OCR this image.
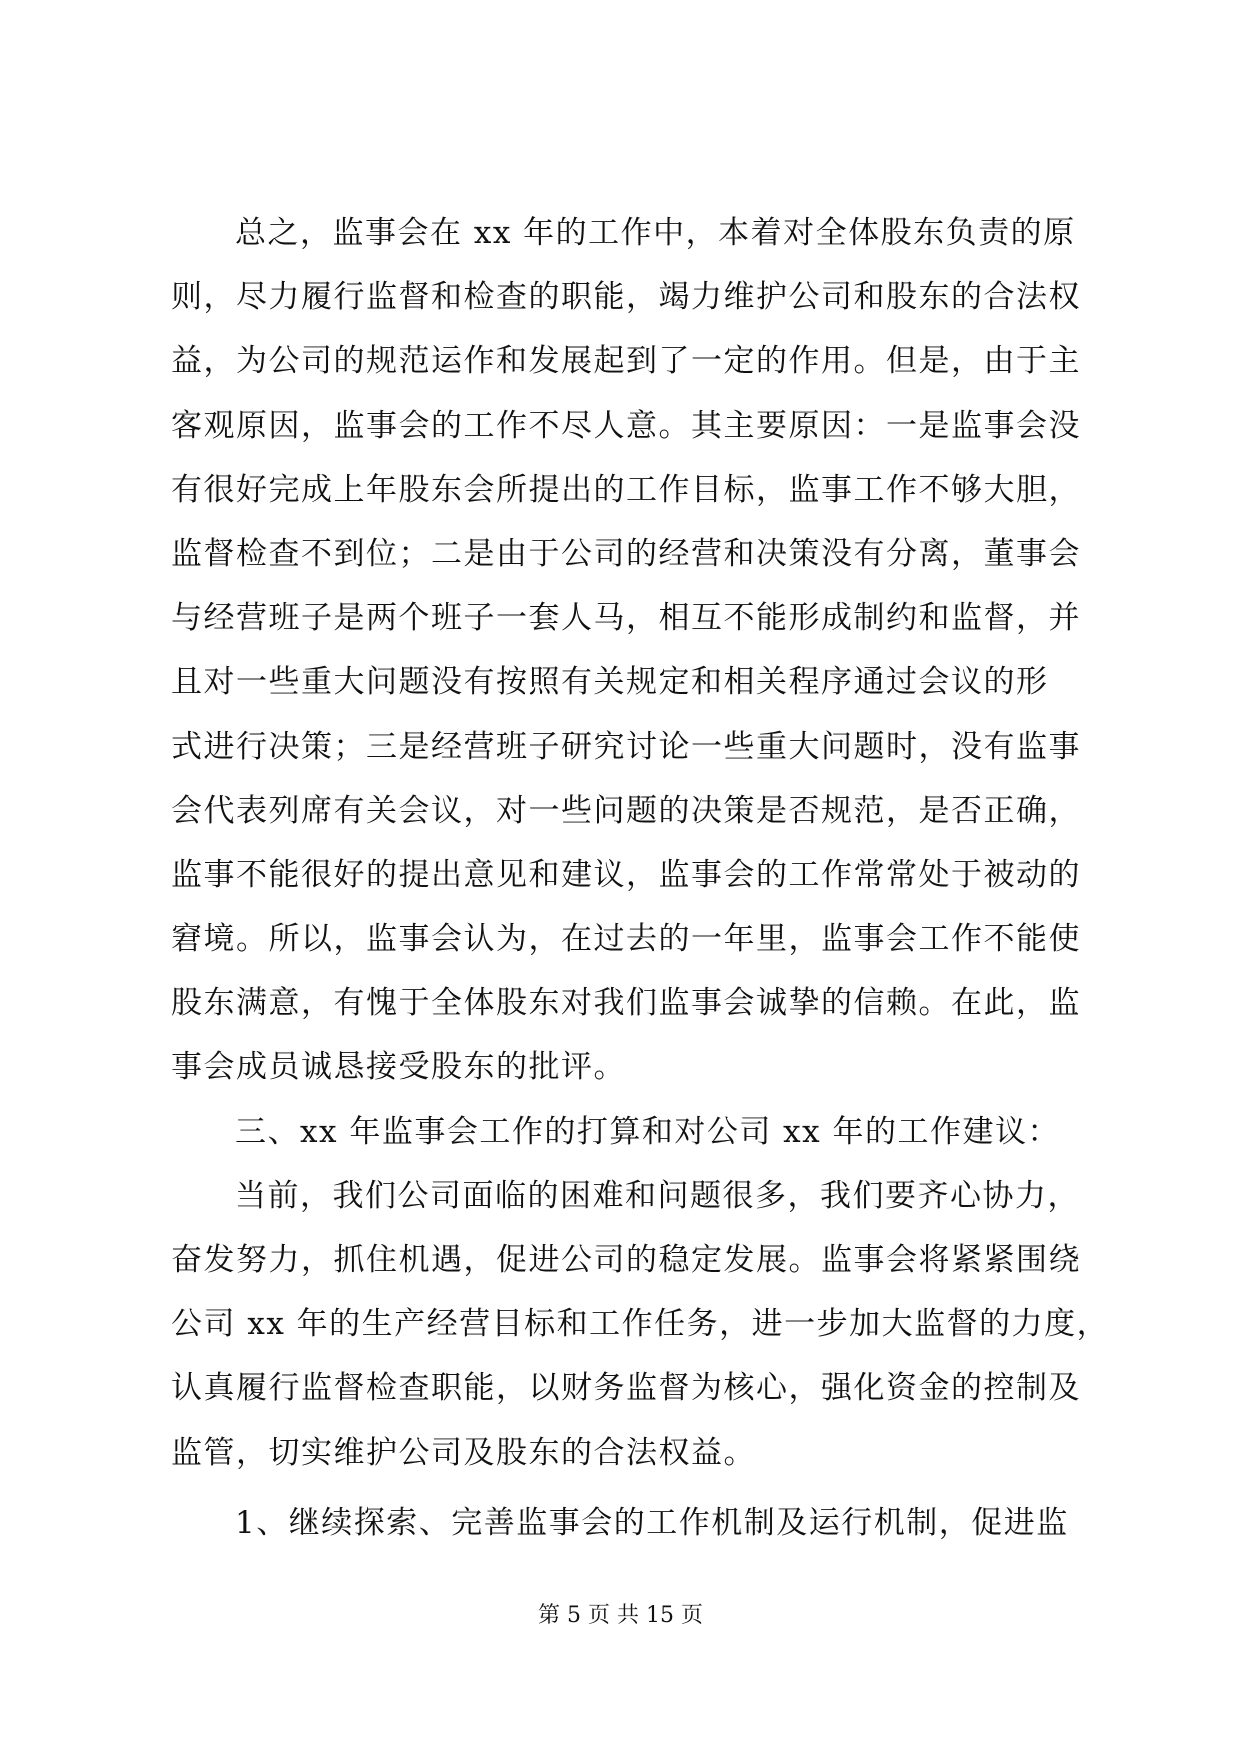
总之，监事会在 xx 年的工作中，本着对全体股东负责的原
则，尽力履行监督和检查的职能，竭力维护公司和股东的合法权
益，为公司的规范运作和发展起到了一定的作用。但是，由于主
客观原因，监事会的工作不尽人意。其主要原因：一是监事会没
有很好完成上年股东会所提出的工作目标，监事工作不够大胆，
监督检查不到位；二是由于公司的经营和决策没有分离，董事会
与经营班子是两个班子一套人马，相互不能形成制约和监督，并
且对一些重大问题没有按照有关规定和相关程序通过会议的形
式进行决策；三是经营班子研究讨论一些重大问题时，没有监事
会代表列席有关会议，对一些问题的决策是否规范，是否正确，
监事不能很好的提出意见和建议，监事会的工作常常处于被动的
窘境。所以，监事会认为，在过去的一年里，监事会工作不能使
股东满意，有愧于全体股东对我们监事会诚挚的信赖。在此，监
事会成员诚恳接受股东的批评。
三、xx 年监事会工作的打算和对公司 xx 年的工作建议：
当前，我们公司面临的困难和问题很多，我们要齐心协力，
奋发努力，抓住机遇，促进公司的稳定发展。监事会将紧紧围绕
公司 xx 年的生产经营目标和工作任务，进一步加大监督的力度，
认真履行监督检查职能，以财务监督为核心，强化资金的控制及
监管，切实维护公司及股东的合法权益。
1、继续探索、完善监事会的工作机制及运行机制，促进监
第 5 页 共 15 页
